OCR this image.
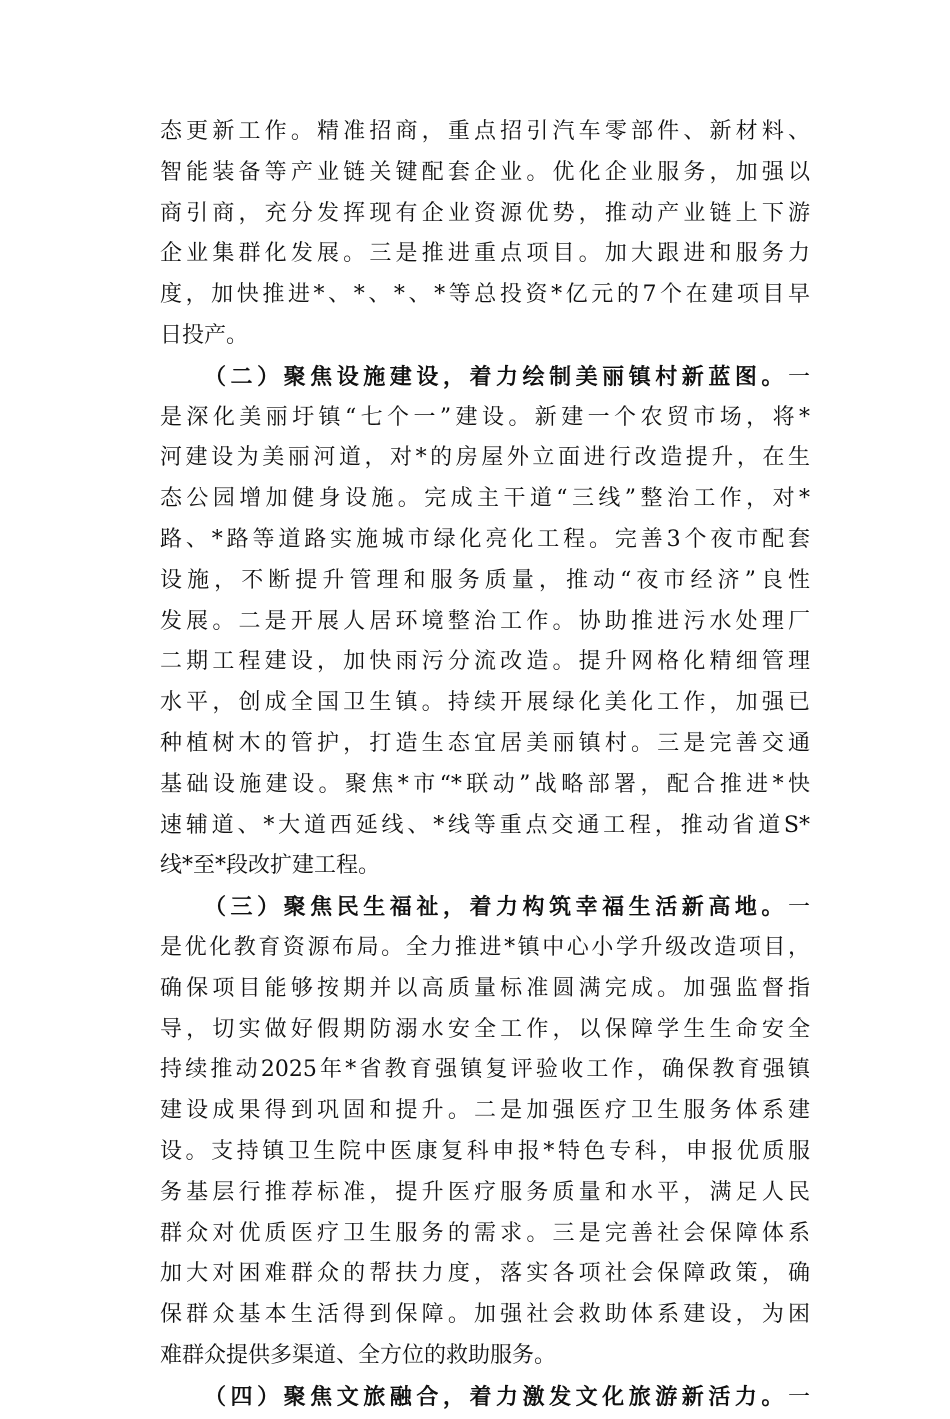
态更新工作。精准招商，重点招引汽车零部件、新材料、
智能装备等产业链关键配套企业。优化企业服务，加强以
商引商，充分发挥现有企业资源优势，推动产业链上下游
企业集群化发展。三是推进重点项目。加大跟进和服务力
度，加快推进*、*、*、*等总投资*亿元的7个在建项目早
日投产。
（二）聚焦设施建设，着力绘制美丽镇村新蓝图。一
是深化美丽圩镇“七个一”建设。新建一个农贸市场，将*
河建设为美丽河道，对*的房屋外立面进行改造提升，在生
态公园增加健身设施。完成主干道“三线”整治工作，对*
路、*路等道路实施城市绿化亮化工程。完善3个夜市配套
设施，不断提升管理和服务质量，推动“夜市经济”良性
发展。二是开展人居环境整治工作。协助推进污水处理厂
二期工程建设，加快雨污分流改造。提升网格化精细管理
水平，创成全国卫生镇。持续开展绿化美化工作，加强已
种植树木的管护，打造生态宜居美丽镇村。三是完善交通
基础设施建设。聚焦*市“*联动”战略部署，配合推进*快
速辅道、*大道西延线、*线等重点交通工程，推动省道S*
线*至*段改扩建工程。
（三）聚焦民生福祉，着力构筑幸福生活新高地。一
是优化教育资源布局。全力推进*镇中心小学升级改造项目，
确保项目能够按期并以高质量标准圆满完成。加强监督指
导，切实做好假期防溺水安全工作，以保障学生生命安全
持续推动2025年*省教育强镇复评验收工作，确保教育强镇
建设成果得到巩固和提升。二是加强医疗卫生服务体系建
设。支持镇卫生院中医康复科申报*特色专科，申报优质服
务基层行推荐标准，提升医疗服务质量和水平，满足人民
群众对优质医疗卫生服务的需求。三是完善社会保障体系
加大对困难群众的帮扶力度，落实各项社会保障政策，确
保群众基本生活得到保障。加强社会救助体系建设，为困
难群众提供多渠道、全方位的救助服务。
（四）聚焦文旅融合，着力激发文化旅游新活力。一
